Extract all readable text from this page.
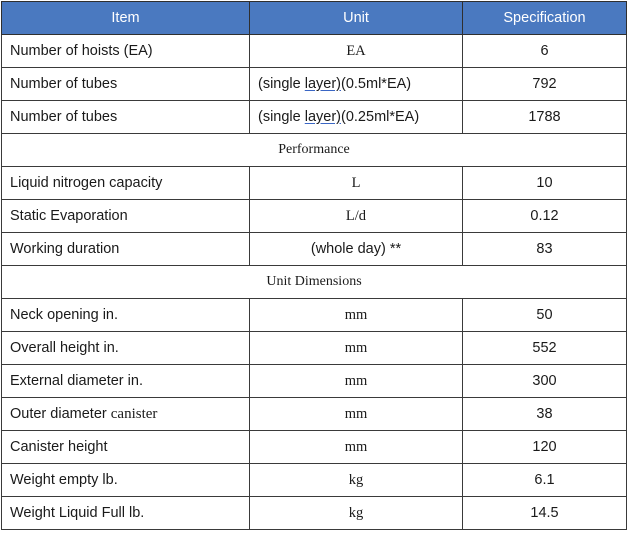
Item	Unit	Specification
Number of hoists (EA)	EA	6
Number of tubes	(single layer)(0.5ml*EA)	792
Number of tubes	(single layer)(0.25ml*EA)	1788
Performance		
Liquid nitrogen capacity	L	10
Static Evaporation	L/d	0.12
Working duration	(whole day) **	83
Unit Dimensions		
Neck opening in.	mm	50
Overall height in.	mm	552
External diameter in.	mm	300
Outer diameter canister	mm	38
Canister height	mm	120
Weight empty lb.	kg	6.1
Weight Liquid Full lb.	kg	14.5
